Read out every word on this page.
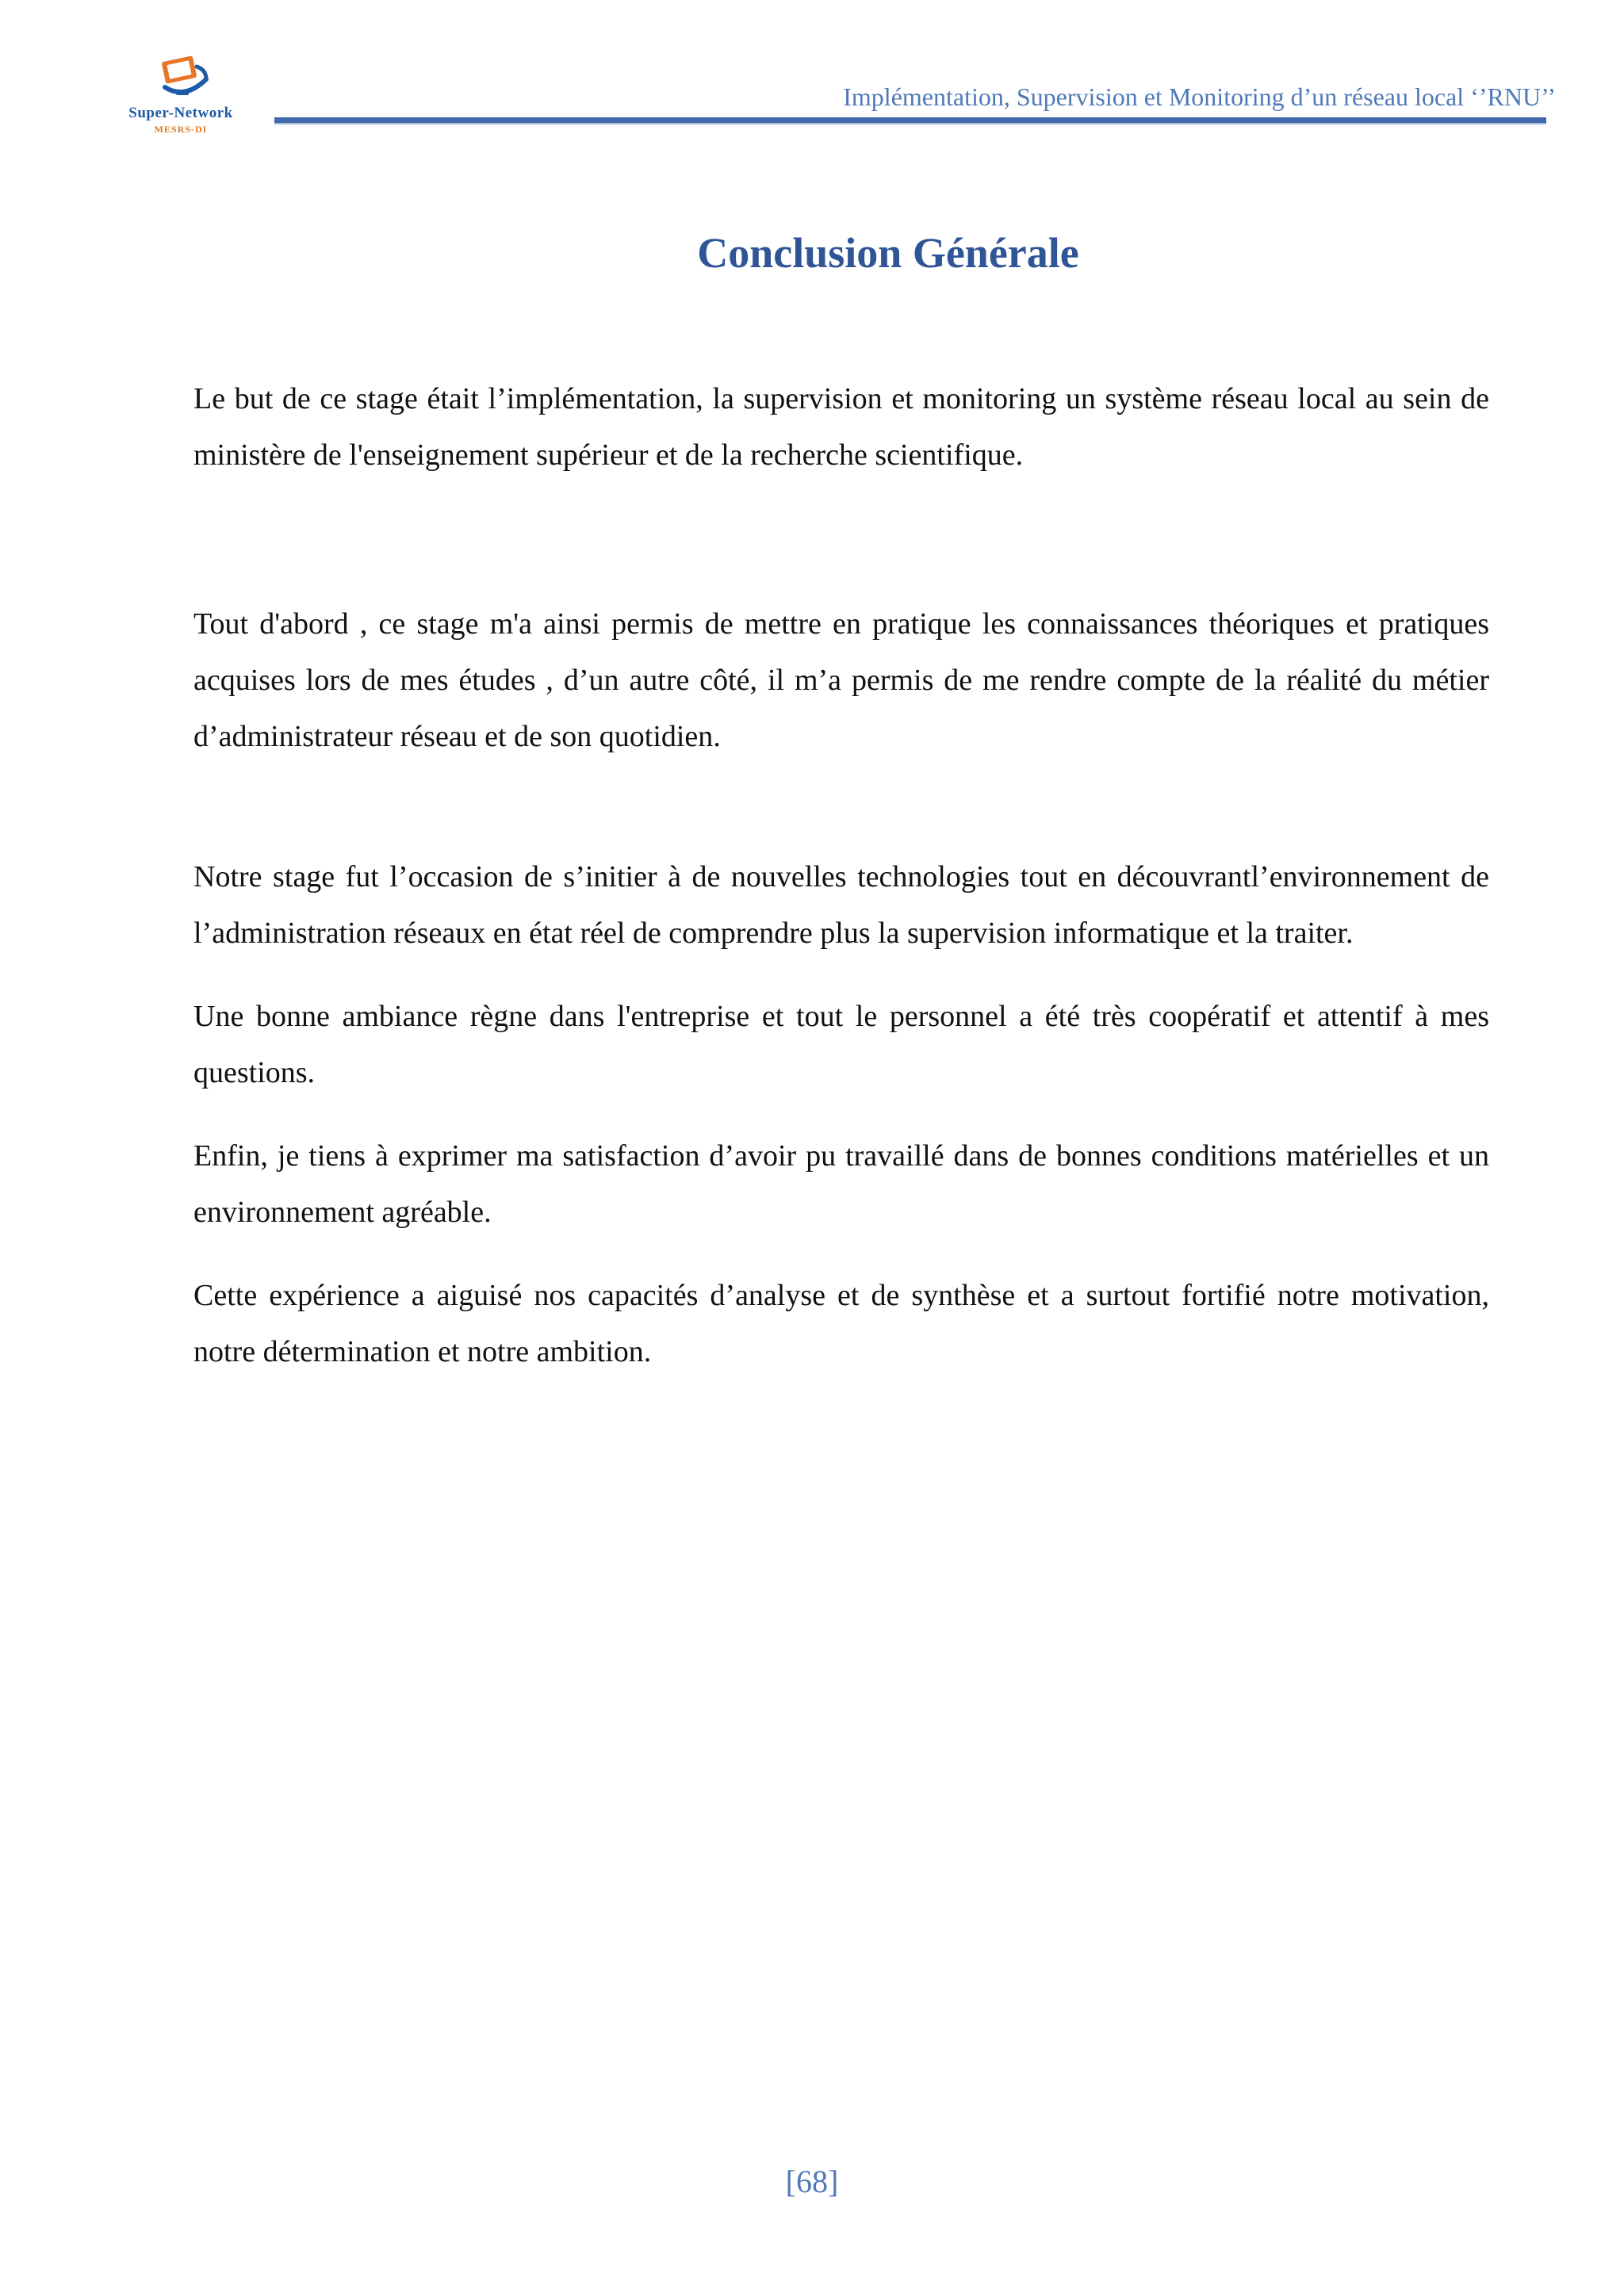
Super-Network
MESRS-DI
Implémentation, Supervision et Monitoring d’un réseau local ‘’RNU’’
Conclusion Générale

Le but de ce stage était l’implémentation, la supervision et monitoring un système réseau local au sein de ministère de l'enseignement supérieur et de la recherche scientifique.

Tout d'abord , ce stage m'a ainsi permis de mettre en pratique les connaissances théoriques et pratiques acquises lors de mes études , d’un autre côté, il m’a permis de me rendre compte de la réalité du métier d’administrateur réseau et de son quotidien.

Notre stage fut l’occasion de s’initier à de nouvelles technologies tout en découvrantl’environnement de l’administration réseaux en état réel de comprendre plus la supervision informatique et la traiter.

Une bonne ambiance règne dans l'entreprise et tout le personnel a été très coopératif et attentif à mes questions.

Enfin, je tiens à exprimer ma satisfaction d’avoir pu travaillé dans de bonnes conditions matérielles et un environnement agréable.

Cette expérience a aiguisé nos capacités d’analyse et de synthèse et a surtout fortifié notre motivation, notre détermination et notre ambition.

[68]
